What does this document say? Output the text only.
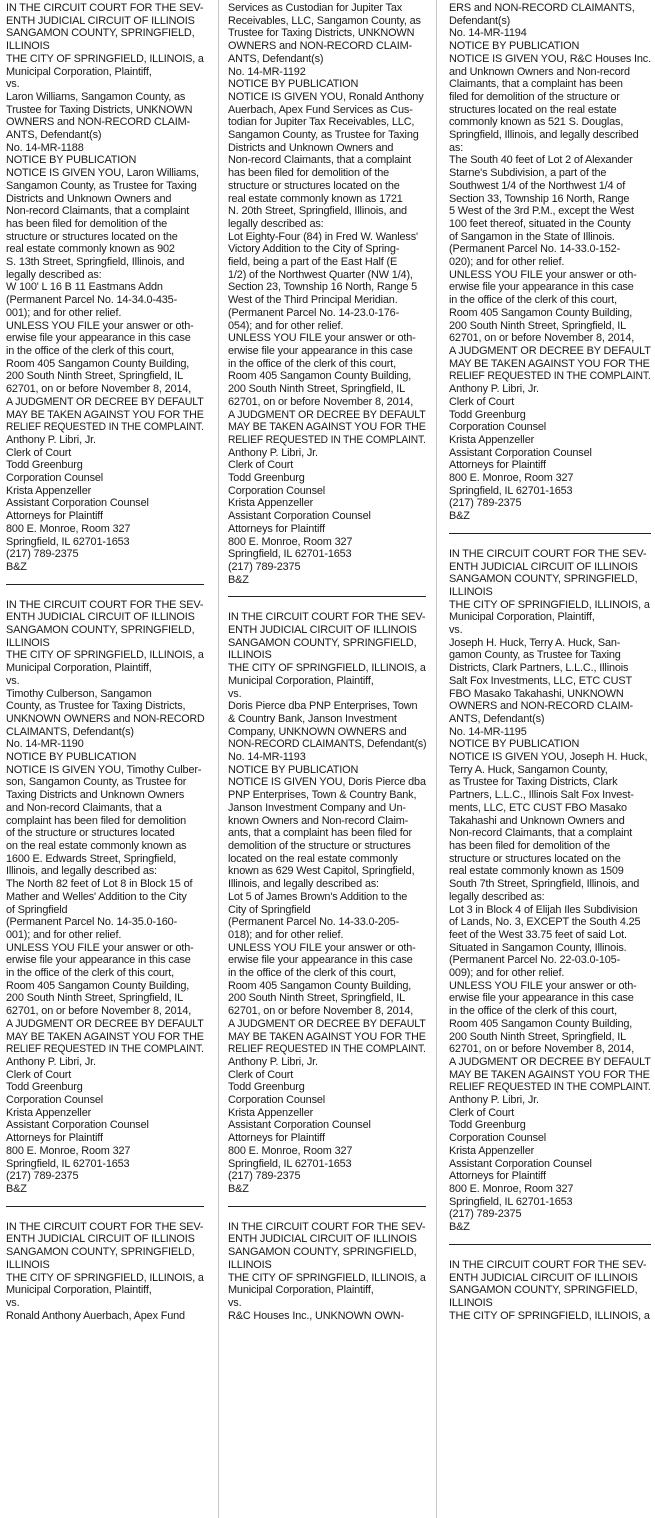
IN THE CIRCUIT COURT FOR THE SEV-
ENTH JUDICIAL CIRCUIT OF ILLINOIS
SANGAMON COUNTY, SPRINGFIELD,
ILLINOIS
THE CITY OF SPRINGFIELD, ILLINOIS, a
Municipal Corporation, Plaintiff,
vs.
Laron Williams, Sangamon County, as
Trustee for Taxing Districts, UNKNOWN
OWNERS and NON-RECORD CLAIM-
ANTS, Defendant(s)
No. 14-MR-1188
NOTICE BY PUBLICATION
NOTICE IS GIVEN YOU, Laron Williams,
Sangamon County, as Trustee for Taxing
Districts and Unknown Owners and
Non-record Claimants, that a complaint
has been filed for demolition of the
structure or structures located on the
real estate commonly known as 902
S. 13th Street, Springfield, Illinois, and
legally described as:
W 100' L 16 B 11 Eastmans Addn
(Permanent Parcel No. 14-34.0-435-
001); and for other relief.
UNLESS YOU FILE your answer or oth-
erwise file your appearance in this case
in the office of the clerk of this court,
Room 405 Sangamon County Building,
200 South Ninth Street, Springfield, IL
62701, on or before November 8, 2014,
A JUDGMENT OR DECREE BY DEFAULT
MAY BE TAKEN AGAINST YOU FOR THE
RELIEF REQUESTED IN THE COMPLAINT.
Anthony P. Libri, Jr.
Clerk of Court
Todd Greenburg
Corporation Counsel
Krista Appenzeller
Assistant Corporation Counsel
Attorneys for Plaintiff
800 E. Monroe, Room 327
Springfield, IL 62701-1653
(217) 789-2375
B&Z
IN THE CIRCUIT COURT FOR THE SEV-
ENTH JUDICIAL CIRCUIT OF ILLINOIS
SANGAMON COUNTY, SPRINGFIELD,
ILLINOIS
THE CITY OF SPRINGFIELD, ILLINOIS, a
Municipal Corporation, Plaintiff,
vs.
Timothy Culberson, Sangamon
County, as Trustee for Taxing Districts,
UNKNOWN OWNERS and NON-RECORD
CLAIMANTS, Defendant(s)
No. 14-MR-1190
NOTICE BY PUBLICATION
NOTICE IS GIVEN YOU, Timothy Culber-
son, Sangamon County, as Trustee for
Taxing Districts and Unknown Owners
and Non-record Claimants, that a
complaint has been filed for demolition
of the structure or structures located
on the real estate commonly known as
1600 E. Edwards Street, Springfield,
Illinois, and legally described as:
The North 82 feet of Lot 8 in Block 15 of
Mather and Welles' Addition to the City
of Springfield
(Permanent Parcel No. 14-35.0-160-
001); and for other relief.
UNLESS YOU FILE your answer or oth-
erwise file your appearance in this case
in the office of the clerk of this court,
Room 405 Sangamon County Building,
200 South Ninth Street, Springfield, IL
62701, on or before November 8, 2014,
A JUDGMENT OR DECREE BY DEFAULT
MAY BE TAKEN AGAINST YOU FOR THE
RELIEF REQUESTED IN THE COMPLAINT.
Anthony P. Libri, Jr.
Clerk of Court
Todd Greenburg
Corporation Counsel
Krista Appenzeller
Assistant Corporation Counsel
Attorneys for Plaintiff
800 E. Monroe, Room 327
Springfield, IL 62701-1653
(217) 789-2375
B&Z
IN THE CIRCUIT COURT FOR THE SEV-
ENTH JUDICIAL CIRCUIT OF ILLINOIS
SANGAMON COUNTY, SPRINGFIELD,
ILLINOIS
THE CITY OF SPRINGFIELD, ILLINOIS, a
Municipal Corporation, Plaintiff,
vs.
Ronald Anthony Auerbach, Apex Fund
Services as Custodian for Jupiter Tax
Receivables, LLC, Sangamon County, as
Trustee for Taxing Districts, UNKNOWN
OWNERS and NON-RECORD CLAIM-
ANTS, Defendant(s)
No. 14-MR-1192
NOTICE BY PUBLICATION
NOTICE IS GIVEN YOU, Ronald Anthony
Auerbach, Apex Fund Services as Cus-
todian for Jupiter Tax Receivables, LLC,
Sangamon County, as Trustee for Taxing
Districts and Unknown Owners and
Non-record Claimants, that a complaint
has been filed for demolition of the
structure or structures located on the
real estate commonly known as 1721
N. 20th Street, Springfield, Illinois, and
legally described as:
Lot Eighty-Four (84) in Fred W. Wanless'
Victory Addition to the City of Spring-
field, being a part of the East Half (E
1/2) of the Northwest Quarter (NW 1/4),
Section 23, Township 16 North, Range 5
West of the Third Principal Meridian.
(Permanent Parcel No. 14-23.0-176-
054); and for other relief.
UNLESS YOU FILE your answer or oth-
erwise file your appearance in this case
in the office of the clerk of this court,
Room 405 Sangamon County Building,
200 South Ninth Street, Springfield, IL
62701, on or before November 8, 2014,
A JUDGMENT OR DECREE BY DEFAULT
MAY BE TAKEN AGAINST YOU FOR THE
RELIEF REQUESTED IN THE COMPLAINT.
Anthony P. Libri, Jr.
Clerk of Court
Todd Greenburg
Corporation Counsel
Krista Appenzeller
Assistant Corporation Counsel
Attorneys for Plaintiff
800 E. Monroe, Room 327
Springfield, IL 62701-1653
(217) 789-2375
B&Z
IN THE CIRCUIT COURT FOR THE SEV-
ENTH JUDICIAL CIRCUIT OF ILLINOIS
SANGAMON COUNTY, SPRINGFIELD,
ILLINOIS
THE CITY OF SPRINGFIELD, ILLINOIS, a
Municipal Corporation, Plaintiff,
vs.
Doris Pierce dba PNP Enterprises, Town
& Country Bank, Janson Investment
Company, UNKNOWN OWNERS and
NON-RECORD CLAIMANTS, Defendant(s)
No. 14-MR-1193
NOTICE BY PUBLICATION
NOTICE IS GIVEN YOU, Doris Pierce dba
PNP Enterprises, Town & Country Bank,
Janson Investment Company and Un-
known Owners and Non-record Claim-
ants, that a complaint has been filed for
demolition of the structure or structures
located on the real estate commonly
known as 629 West Capitol, Springfield,
Illinois, and legally described as:
Lot 5 of James Brown's Addition to the
City of Springfield
(Permanent Parcel No. 14-33.0-205-
018); and for other relief.
UNLESS YOU FILE your answer or oth-
erwise file your appearance in this case
in the office of the clerk of this court,
Room 405 Sangamon County Building,
200 South Ninth Street, Springfield, IL
62701, on or before November 8, 2014,
A JUDGMENT OR DECREE BY DEFAULT
MAY BE TAKEN AGAINST YOU FOR THE
RELIEF REQUESTED IN THE COMPLAINT.
Anthony P. Libri, Jr.
Clerk of Court
Todd Greenburg
Corporation Counsel
Krista Appenzeller
Assistant Corporation Counsel
Attorneys for Plaintiff
800 E. Monroe, Room 327
Springfield, IL 62701-1653
(217) 789-2375
B&Z
IN THE CIRCUIT COURT FOR THE SEV-
ENTH JUDICIAL CIRCUIT OF ILLINOIS
SANGAMON COUNTY, SPRINGFIELD,
ILLINOIS
THE CITY OF SPRINGFIELD, ILLINOIS, a
Municipal Corporation, Plaintiff,
vs.
R&C Houses Inc., UNKNOWN OWN-
ERS and NON-RECORD CLAIMANTS,
Defendant(s)
No. 14-MR-1194
NOTICE BY PUBLICATION
NOTICE IS GIVEN YOU, R&C Houses Inc.
and Unknown Owners and Non-record
Claimants, that a complaint has been
filed for demolition of the structure or
structures located on the real estate
commonly known as 521 S. Douglas,
Springfield, Illinois, and legally described
as:
The South 40 feet of Lot 2 of Alexander
Starne's Subdivision, a part of the
Southwest 1/4 of the Northwest 1/4 of
Section 33, Township 16 North, Range
5 West of the 3rd P.M., except the West
100 feet thereof, situated in the County
of Sangamon in the State of Illinois.
(Permanent Parcel No. 14-33.0-152-
020); and for other relief.
UNLESS YOU FILE your answer or oth-
erwise file your appearance in this case
in the office of the clerk of this court,
Room 405 Sangamon County Building,
200 South Ninth Street, Springfield, IL
62701, on or before November 8, 2014,
A JUDGMENT OR DECREE BY DEFAULT
MAY BE TAKEN AGAINST YOU FOR THE
RELIEF REQUESTED IN THE COMPLAINT.
Anthony P. Libri, Jr.
Clerk of Court
Todd Greenburg
Corporation Counsel
Krista Appenzeller
Assistant Corporation Counsel
Attorneys for Plaintiff
800 E. Monroe, Room 327
Springfield, IL 62701-1653
(217) 789-2375
B&Z
IN THE CIRCUIT COURT FOR THE SEV-
ENTH JUDICIAL CIRCUIT OF ILLINOIS
SANGAMON COUNTY, SPRINGFIELD,
ILLINOIS
THE CITY OF SPRINGFIELD, ILLINOIS, a
Municipal Corporation, Plaintiff,
vs.
Joseph H. Huck, Terry A. Huck, San-
gamon County, as Trustee for Taxing
Districts, Clark Partners, L.L.C., Illinois
Salt Fox Investments, LLC, ETC CUST
FBO Masako Takahashi, UNKNOWN
OWNERS and NON-RECORD CLAIM-
ANTS, Defendant(s)
No. 14-MR-1195
NOTICE BY PUBLICATION
NOTICE IS GIVEN YOU, Joseph H. Huck,
Terry A. Huck, Sangamon County,
as Trustee for Taxing Districts, Clark
Partners, L.L.C., Illinois Salt Fox Invest-
ments, LLC, ETC CUST FBO Masako
Takahashi and Unknown Owners and
Non-record Claimants, that a complaint
has been filed for demolition of the
structure or structures located on the
real estate commonly known as 1509
South 7th Street, Springfield, Illinois, and
legally described as:
Lot 3 in Block 4 of Elijah Iles Subdivision
of Lands, No. 3, EXCEPT the South 4.25
feet of the West 33.75 feet of said Lot.
Situated in Sangamon County, Illinois.
(Permanent Parcel No. 22-03.0-105-
009); and for other relief.
UNLESS YOU FILE your answer or oth-
erwise file your appearance in this case
in the office of the clerk of this court,
Room 405 Sangamon County Building,
200 South Ninth Street, Springfield, IL
62701, on or before November 8, 2014,
A JUDGMENT OR DECREE BY DEFAULT
MAY BE TAKEN AGAINST YOU FOR THE
RELIEF REQUESTED IN THE COMPLAINT.
Anthony P. Libri, Jr.
Clerk of Court
Todd Greenburg
Corporation Counsel
Krista Appenzeller
Assistant Corporation Counsel
Attorneys for Plaintiff
800 E. Monroe, Room 327
Springfield, IL 62701-1653
(217) 789-2375
B&Z
IN THE CIRCUIT COURT FOR THE SEV-
ENTH JUDICIAL CIRCUIT OF ILLINOIS
SANGAMON COUNTY, SPRINGFIELD,
ILLINOIS
THE CITY OF SPRINGFIELD, ILLINOIS, a
